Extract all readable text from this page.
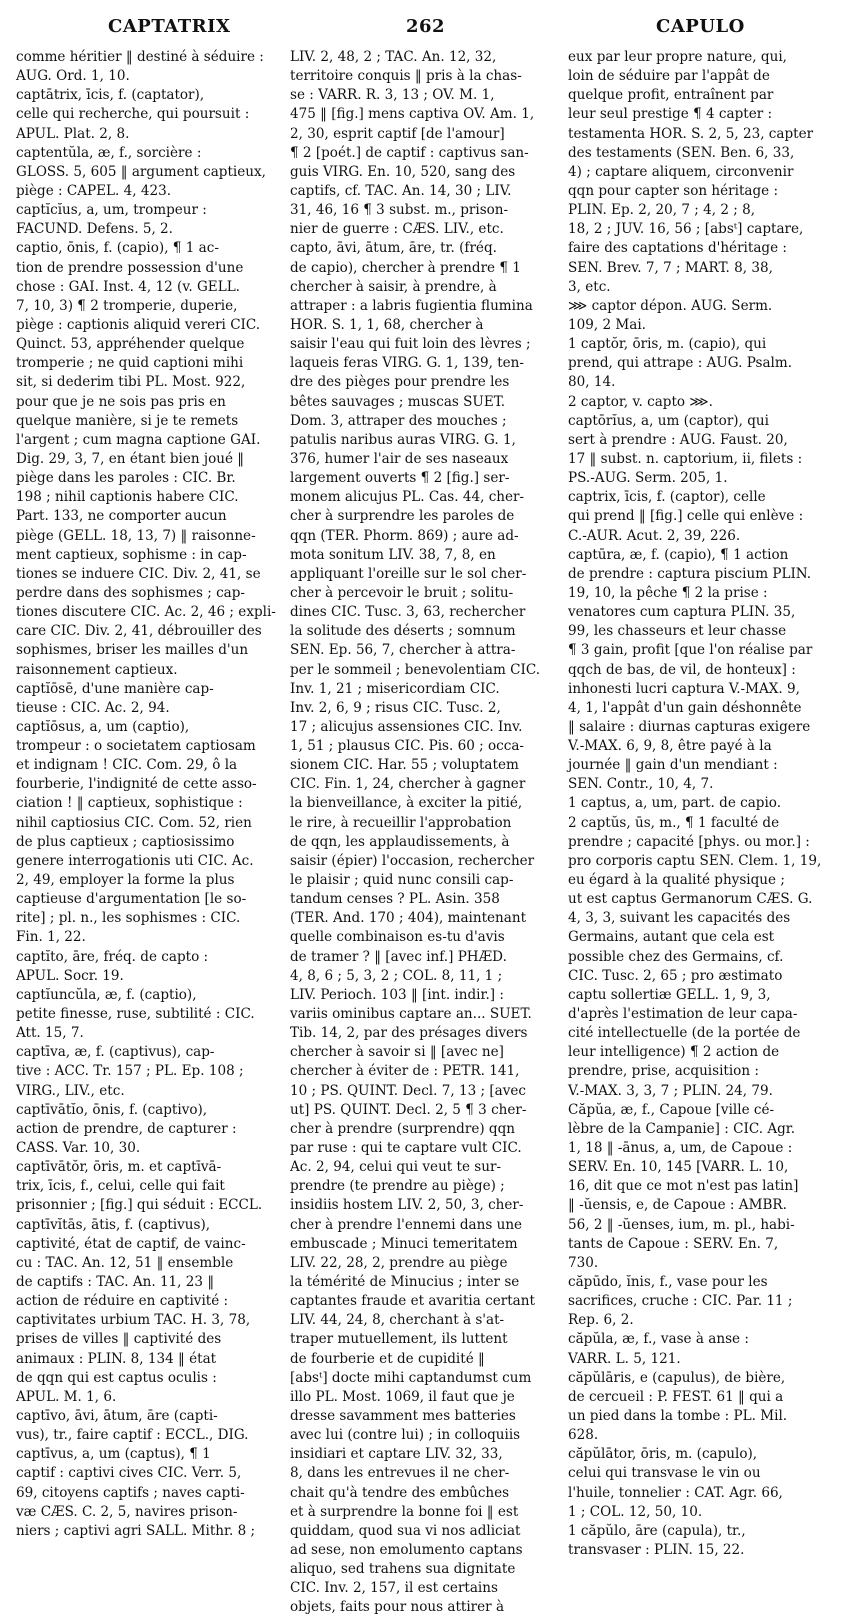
CAPTATRIX	262	CAPULO
comme héritier ‖ destiné à séduire :
AUG. Ord. 1, 10.
captātrix, īcis, f. (captator),
celle qui recherche, qui poursuit :
APUL. Plat. 2, 8.
captentŭla, æ, f., sorcière :
GLOSS. 5, 605 ‖ argument captieux,
piège : CAPEL. 4, 423.
captĭcĭus, a, um, trompeur :
FACUND. Defens. 5, 2.
captio, ōnis, f. (capio), ¶ 1 ac-
tion de prendre possession d'une
chose : GAI. Inst. 4, 12 (v. GELL.
7, 10, 3) ¶ 2 tromperie, duperie,
piège : captionis aliquid vereri CIC.
Quinct. 53, appréhender quelque
tromperie ; ne quid captioni mihi
sit, si dederim tibi PL. Most. 922,
pour que je ne sois pas pris en
quelque manière, si je te remets
l'argent ; cum magna captione GAI.
Dig. 29, 3, 7, en étant bien joué ‖
piège dans les paroles : CIC. Br.
198 ; nihil captionis habere CIC.
Part. 133, ne comporter aucun
piège (GELL. 18, 13, 7) ‖ raisonne-
ment captieux, sophisme : in cap-
tiones se induere CIC. Div. 2, 41, se
perdre dans des sophismes ; cap-
tiones discutere CIC. Ac. 2, 46 ; expli-
care CIC. Div. 2, 41, débrouiller des
sophismes, briser les mailles d'un
raisonnement captieux.
captĭōsē, d'une manière cap-
tieuse : CIC. Ac. 2, 94.
captĭōsus, a, um (captio),
trompeur : o societatem captiosam
et indignam ! CIC. Com. 29, ô la
fourberie, l'indignité de cette asso-
ciation ! ‖ captieux, sophistique :
nihil captiosius CIC. Com. 52, rien
de plus captieux ; captiosissimo
genere interrogationis uti CIC. Ac.
2, 49, employer la forme la plus
captieuse d'argumentation [le so-
rite] ; pl. n., les sophismes : CIC.
Fin. 1, 22.
captĭto, āre, fréq. de capto :
APUL. Socr. 19.
captĭuncŭla, æ, f. (captio),
petite finesse, ruse, subtilité : CIC.
Att. 15, 7.
captīva, æ, f. (captivus), cap-
tive : ACC. Tr. 157 ; PL. Ep. 108 ;
VIRG., LIV., etc.
captīvātĭo, ōnis, f. (captivo),
action de prendre, de capturer :
CASS. Var. 10, 30.
captīvātŏr, ōris, m. et captīvā-
trix, īcis, f., celui, celle qui fait
prisonnier ; [fig.] qui séduit : ECCL.
captīvĭtās, ātis, f. (captivus),
captivité, état de captif, de vainc-
cu : TAC. An. 12, 51 ‖ ensemble
de captifs : TAC. An. 11, 23 ‖
action de réduire en captivité :
captivitates urbium TAC. H. 3, 78,
prises de villes ‖ captivité des
animaux : PLIN. 8, 134 ‖ état
de qqn qui est captus oculis :
APUL. M. 1, 6.
captīvo, āvi, ātum, āre (capti-
vus), tr., faire captif : ECCL., DIG.
captīvus, a, um (captus), ¶ 1
captif : captivi cives CIC. Verr. 5,
69, citoyens captifs ; naves capti-
væ CÆS. C. 2, 5, navires prison-
niers ; captivi agri SALL. Mithr. 8 ;
LIV. 2, 48, 2 ; TAC. An. 12, 32,
territoire conquis ‖ pris à la chas-
se : VARR. R. 3, 13 ; OV. M. 1,
475 ‖ [fig.] mens captiva OV. Am. 1,
2, 30, esprit captif [de l'amour]
¶ 2 [poét.] de captif : captivus san-
guis VIRG. En. 10, 520, sang des
captifs, cf. TAC. An. 14, 30 ; LIV.
31, 46, 16 ¶ 3 subst. m., prison-
nier de guerre : CÆS. LIV., etc.
capto, āvi, ātum, āre, tr. (fréq.
de capio), chercher à prendre ¶ 1
chercher à saisir, à prendre, à
attraper : a labris fugientia flumina
HOR. S. 1, 1, 68, chercher à
saisir l'eau qui fuit loin des lèvres ;
laqueis feras VIRG. G. 1, 139, ten-
dre des pièges pour prendre les
bêtes sauvages ; muscas SUET.
Dom. 3, attraper des mouches ;
patulis naribus auras VIRG. G. 1,
376, humer l'air de ses naseaux
largement ouverts ¶ 2 [fig.] ser-
monem alicujus PL. Cas. 44, cher-
cher à surprendre les paroles de
qqn (TER. Phorm. 869) ; aure ad-
mota sonitum LIV. 38, 7, 8, en
appliquant l'oreille sur le sol cher-
cher à percevoir le bruit ; solitu-
dines CIC. Tusc. 3, 63, rechercher
la solitude des déserts ; somnum
SEN. Ep. 56, 7, chercher à attra-
per le sommeil ; benevolentiam CIC.
Inv. 1, 21 ; misericordiam CIC.
Inv. 2, 6, 9 ; risus CIC. Tusc. 2,
17 ; alicujus assensiones CIC. Inv.
1, 51 ; plausus CIC. Pis. 60 ; occa-
sionem CIC. Har. 55 ; voluptatem
CIC. Fin. 1, 24, chercher à gagner
la bienveillance, à exciter la pitié,
le rire, à recueillir l'approbation
de qqn, les applaudissements, à
saisir (épier) l'occasion, rechercher
le plaisir ; quid nunc consili cap-
tandum censes ? PL. Asin. 358
(TER. And. 170 ; 404), maintenant
quelle combinaison es-tu d'avis
de tramer ? ‖ [avec inf.] PHÆD.
4, 8, 6 ; 5, 3, 2 ; COL. 8, 11, 1 ;
LIV. Perioch. 103 ‖ [int. indir.] :
variis ominibus captare an... SUET.
Tib. 14, 2, par des présages divers
chercher à savoir si ‖ [avec ne]
chercher à éviter de : PETR. 141,
10 ; PS. QUINT. Decl. 7, 13 ; [avec
ut] PS. QUINT. Decl. 2, 5 ¶ 3 cher-
cher à prendre (surprendre) qqn
par ruse : qui te captare vult CIC.
Ac. 2, 94, celui qui veut te sur-
prendre (te prendre au piège) ;
insidiis hostem LIV. 2, 50, 3, cher-
cher à prendre l'ennemi dans une
embuscade ; Minuci temeritatem
LIV. 22, 28, 2, prendre au piège
la témérité de Minucius ; inter se
captantes fraude et avaritia certant
LIV. 44, 24, 8, cherchant à s'at-
traper mutuellement, ils luttent
de fourberie et de cupidité ‖
[absᵗ] docte mihi captandumst cum
illo PL. Most. 1069, il faut que je
dresse savamment mes batteries
avec lui (contre lui) ; in colloquiis
insidiari et captare LIV. 32, 33,
8, dans les entrevues il ne cher-
chait qu'à tendre des embûches
et à surprendre la bonne foi ‖ est
quiddam, quod sua vi nos adliciat
ad sese, non emolumento captans
aliquo, sed trahens sua dignitate
CIC. Inv. 2, 157, il est certains
objets, faits pour nous attirer à
eux par leur propre nature, qui,
loin de séduire par l'appât de
quelque profit, entraînent par
leur seul prestige ¶ 4 capter :
testamenta HOR. S. 2, 5, 23, capter
des testaments (SEN. Ben. 6, 33,
4) ; captare aliquem, circonvenir
qqn pour capter son héritage :
PLIN. Ep. 2, 20, 7 ; 4, 2 ; 8,
18, 2 ; JUV. 16, 56 ; [absᵗ] captare,
faire des captations d'héritage :
SEN. Brev. 7, 7 ; MART. 8, 38,
3, etc.
⋙ captor dépon. AUG. Serm.
109, 2 Mai.
1 captŏr, ōris, m. (capio), qui
prend, qui attrape : AUG. Psalm.
80, 14.
2 captor, v. capto ⋙.
captōrĭus, a, um (captor), qui
sert à prendre : AUG. Faust. 20,
17 ‖ subst. n. captorium, ii, filets :
PS.-AUG. Serm. 205, 1.
captrix, īcis, f. (captor), celle
qui prend ‖ [fig.] celle qui enlève :
C.-AUR. Acut. 2, 39, 226.
captūra, æ, f. (capio), ¶ 1 action
de prendre : captura piscium PLIN.
19, 10, la pêche ¶ 2 la prise :
venatores cum captura PLIN. 35,
99, les chasseurs et leur chasse
¶ 3 gain, profit [que l'on réalise par
qqch de bas, de vil, de honteux] :
inhonesti lucri captura V.-MAX. 9,
4, 1, l'appât d'un gain déshonnête
‖ salaire : diurnas capturas exigere
V.-MAX. 6, 9, 8, être payé à la
journée ‖ gain d'un mendiant :
SEN. Contr., 10, 4, 7.
1 captus, a, um, part. de capio.
2 captŭs, ūs, m., ¶ 1 faculté de
prendre ; capacité [phys. ou mor.] :
pro corporis captu SEN. Clem. 1, 19,
eu égard à la qualité physique ;
ut est captus Germanorum CÆS. G.
4, 3, 3, suivant les capacités des
Germains, autant que cela est
possible chez des Germains, cf.
CIC. Tusc. 2, 65 ; pro æstimato
captu sollertiæ GELL. 1, 9, 3,
d'après l'estimation de leur capa-
cité intellectuelle (de la portée de
leur intelligence) ¶ 2 action de
prendre, prise, acquisition :
V.-MAX. 3, 3, 7 ; PLIN. 24, 79.
Căpŭa, æ, f., Capoue [ville cé-
lèbre de la Campanie] : CIC. Agr.
1, 18 ‖ -ānus, a, um, de Capoue :
SERV. En. 10, 145 [VARR. L. 10,
16, dit que ce mot n'est pas latin]
‖ -ŭensis, e, de Capoue : AMBR.
56, 2 ‖ -ŭenses, ium, m. pl., habi-
tants de Capoue : SERV. En. 7,
730.
căpūdo, ĭnis, f., vase pour les
sacrifices, cruche : CIC. Par. 11 ;
Rep. 6, 2.
căpŭla, æ, f., vase à anse :
VARR. L. 5, 121.
căpŭlāris, e (capulus), de bière,
de cercueil : P. FEST. 61 ‖ qui a
un pied dans la tombe : PL. Mil.
628.
căpŭlātor, ōris, m. (capulo),
celui qui transvase le vin ou
l'huile, tonnelier : CAT. Agr. 66,
1 ; COL. 12, 50, 10.
1 căpŭlo, āre (capula), tr.,
transvaser : PLIN. 15, 22.
